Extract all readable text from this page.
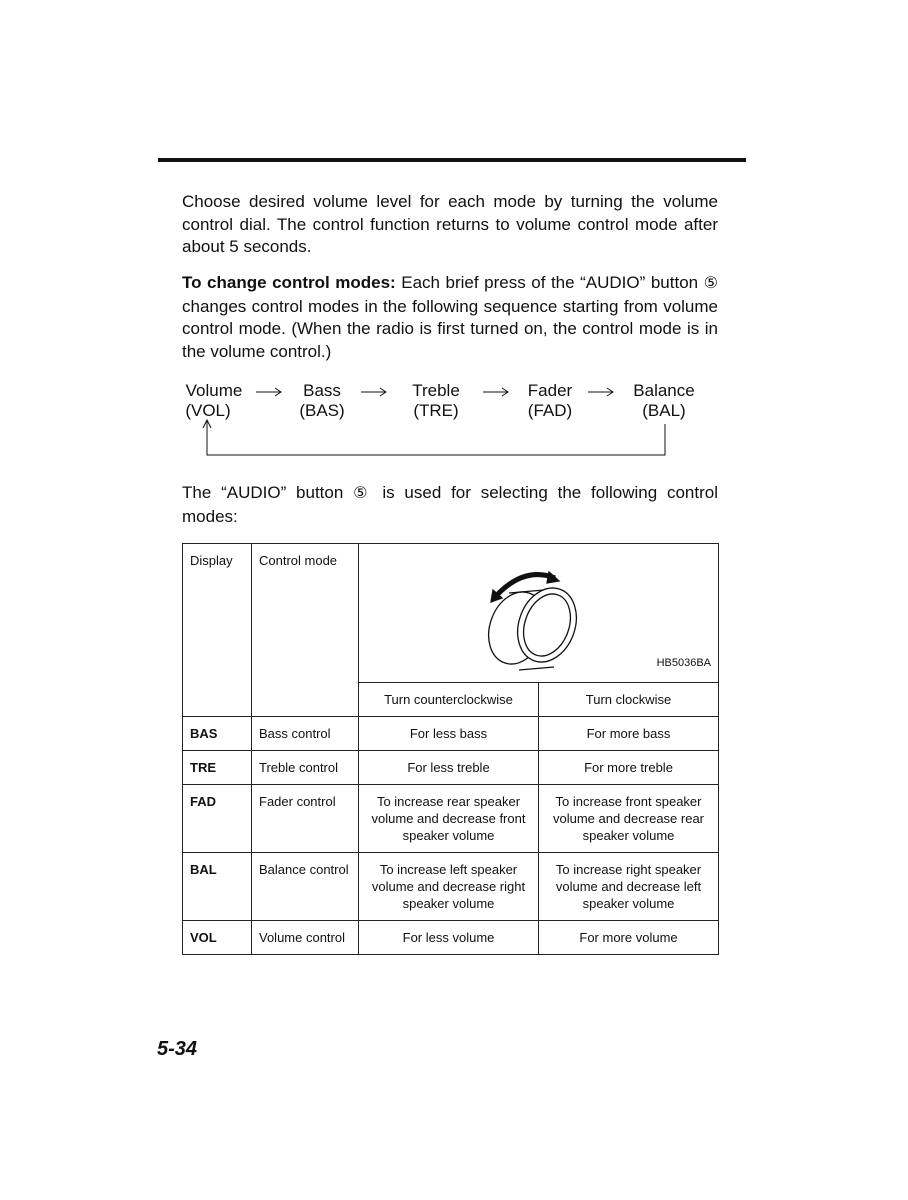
Choose desired volume level for each mode by turning the volume control dial. The control function returns to volume control mode after about 5 seconds.

To change control modes: Each brief press of the “AUDIO” button ⑤ changes control modes in the following sequence starting from volume control mode. (When the radio is first turned on, the control mode is in the volume control.)

Volume
(VOL)
Bass
(BAS)
Treble
(TRE)
Fader
(FAD)
Balance
(BAL)

The “AUDIO” button ⑤ is used for selecting the following control modes:

Display	Control mode	HB5036BA	

		Turn counterclockwise	Turn clockwise
BAS	Bass control	For less bass	For more bass
TRE	Treble control	For less treble	For more treble
FAD	Fader control	To increase rear speaker volume and decrease front speaker volume	To increase front speaker volume and decrease rear speaker volume
BAL	Balance control	To increase left speaker volume and decrease right speaker volume	To increase right speaker volume and decrease left speaker volume
VOL	Volume control	For less volume	For more volume
5-34
